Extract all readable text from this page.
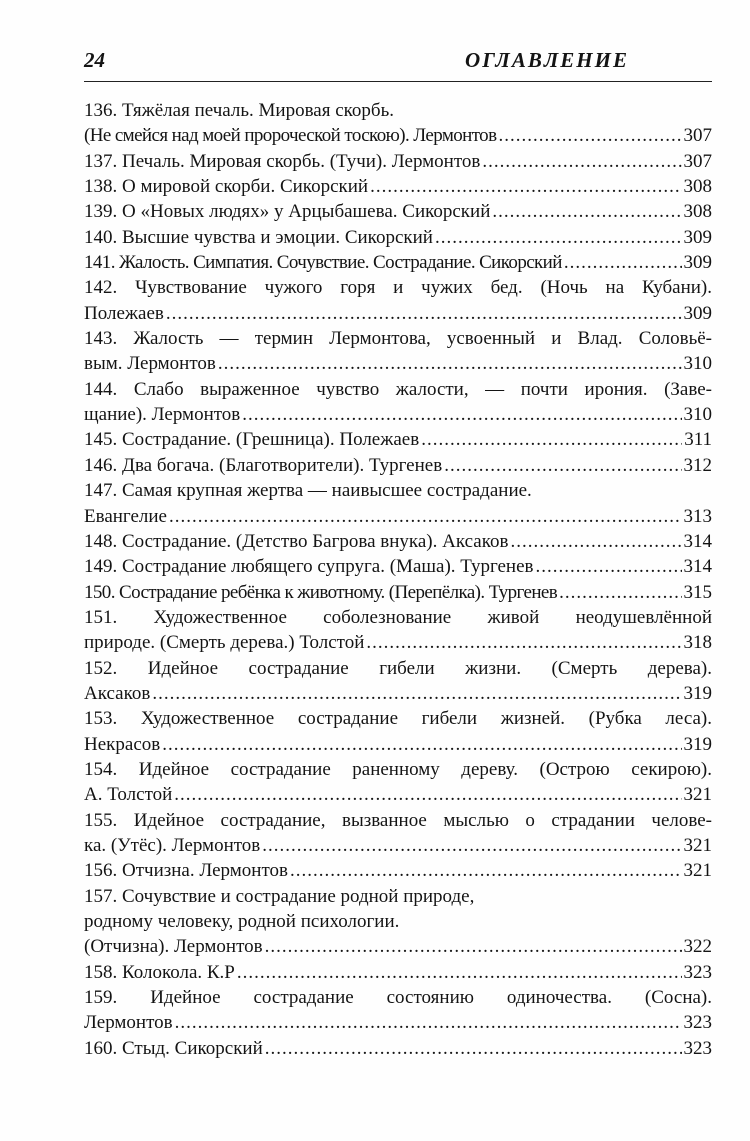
24	ОГЛАВЛЕНИЕ
136. Тяжёлая печаль. Мировая скорбь.
(Не смейся над моей пророческой тоскою). Лермонтов .....	307
137. Печаль. Мировая скорбь. (Тучи). Лермонтов .....	307
138. О мировой скорби. Сикорский .....	308
139. О «Новых людях» у Арцыбашева. Сикорский .....	308
140. Высшие чувства и эмоции. Сикорский .....	309
141. Жалость. Симпатия. Сочувствие. Сострадание. Сикорский .....	309
142. Чувствование чужого горя и чужих бед. (Ночь на Кубани).
Полежаев .....	309
143. Жалость — термин Лермонтова, усвоенный и Влад. Соловьё-
вым. Лермонтов .....	310
144. Слабо выраженное чувство жалости, — почти ирония. (Заве-
щание). Лермонтов .....	310
145. Сострадание. (Грешница). Полежаев .....	311
146. Два богача. (Благотворители). Тургенев .....	312
147. Самая крупная жертва — наивысшее сострадание.
Евангелие .....	313
148. Сострадание. (Детство Багрова внука). Аксаков .....	314
149. Сострадание любящего супруга. (Маша). Тургенев .....	314
150. Сострадание ребёнка к животному. (Перепёлка). Тургенев .....	315
151. Художественное соболезнование живой неодушевлённой
природе. (Смерть дерева.) Толстой .....	318
152. Идейное сострадание гибели жизни. (Смерть дерева).
Аксаков .....	319
153. Художественное сострадание гибели жизней. (Рубка леса).
Некрасов .....	319
154. Идейное сострадание раненному дереву. (Острою секирою).
А. Толстой .....	321
155. Идейное сострадание, вызванное мыслью о страдании челове-
ка. (Утёс). Лермонтов .....	321
156. Отчизна. Лермонтов .....	321
157. Сочувствие и сострадание родной природе,
родному человеку, родной психологии.
(Отчизна). Лермонтов .....	322
158. Колокола. К.Р .....	323
159. Идейное сострадание состоянию одиночества. (Сосна).
Лермонтов .....	323
160. Стыд. Сикорский .....	323
